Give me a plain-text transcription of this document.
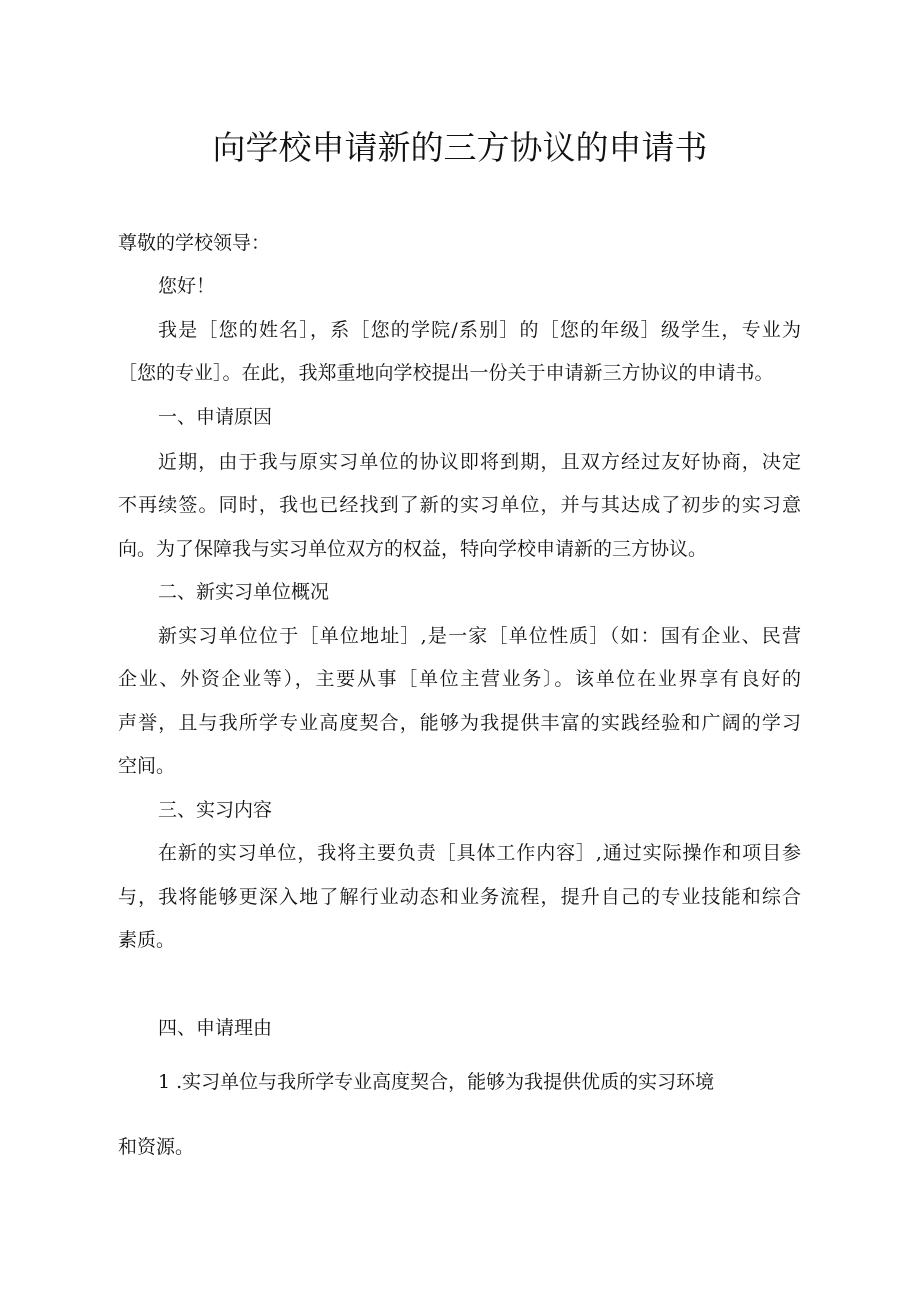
向学校申请新的三方协议的申请书
尊敬的学校领导：
您好！
我是［您的姓名］，系［您的学院/系别］的［您的年级］级学生，专业为
［您的专业］。在此，我郑重地向学校提出一份关于申请新三方协议的申请书。
一、申请原因
近期，由于我与原实习单位的协议即将到期，且双方经过友好协商，决定
不再续签。同时，我也已经找到了新的实习单位，并与其达成了初步的实习意
向。为了保障我与实习单位双方的权益，特向学校申请新的三方协议。
二、新实习单位概况
新实习单位位于［单位地址］,是一家［单位性质］（如：国有企业、民营
企业、外资企业等），主要从事［单位主营业务〕。该单位在业界享有良好的
声誉，且与我所学专业高度契合，能够为我提供丰富的实践经验和广阔的学习
空间。
三、实习内容
在新的实习单位，我将主要负责［具体工作内容］,通过实际操作和项目参
与，我将能够更深入地了解行业动态和业务流程，提升自己的专业技能和综合
素质。
四、申请理由
1 .实习单位与我所学专业高度契合，能够为我提供优质的实习环境
和资源。
